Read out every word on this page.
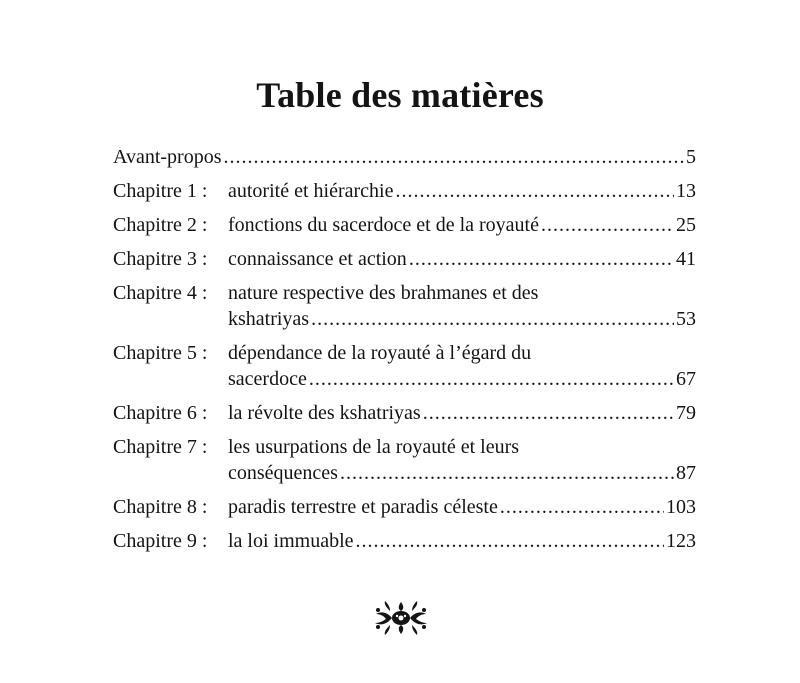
Table des matières
Avant-propos .....	5
Chapitre 1 :	autorité et hiérarchie .....	13
Chapitre 2 :	fonctions du sacerdoce et de la royauté .....	25
Chapitre 3 :	connaissance et action .....	41
Chapitre 4 :	nature respective des brahmanes et des
kshatriyas .....	53
Chapitre 5 :	dépendance de la royauté à l’égard du
sacerdoce .....	67
Chapitre 6 :	la révolte des kshatriyas .....	79
Chapitre 7 :	les usurpations de la royauté et leurs
conséquences .....	87
Chapitre 8 :	paradis terrestre et paradis céleste .....	103
Chapitre 9 :	la loi immuable .....	123
